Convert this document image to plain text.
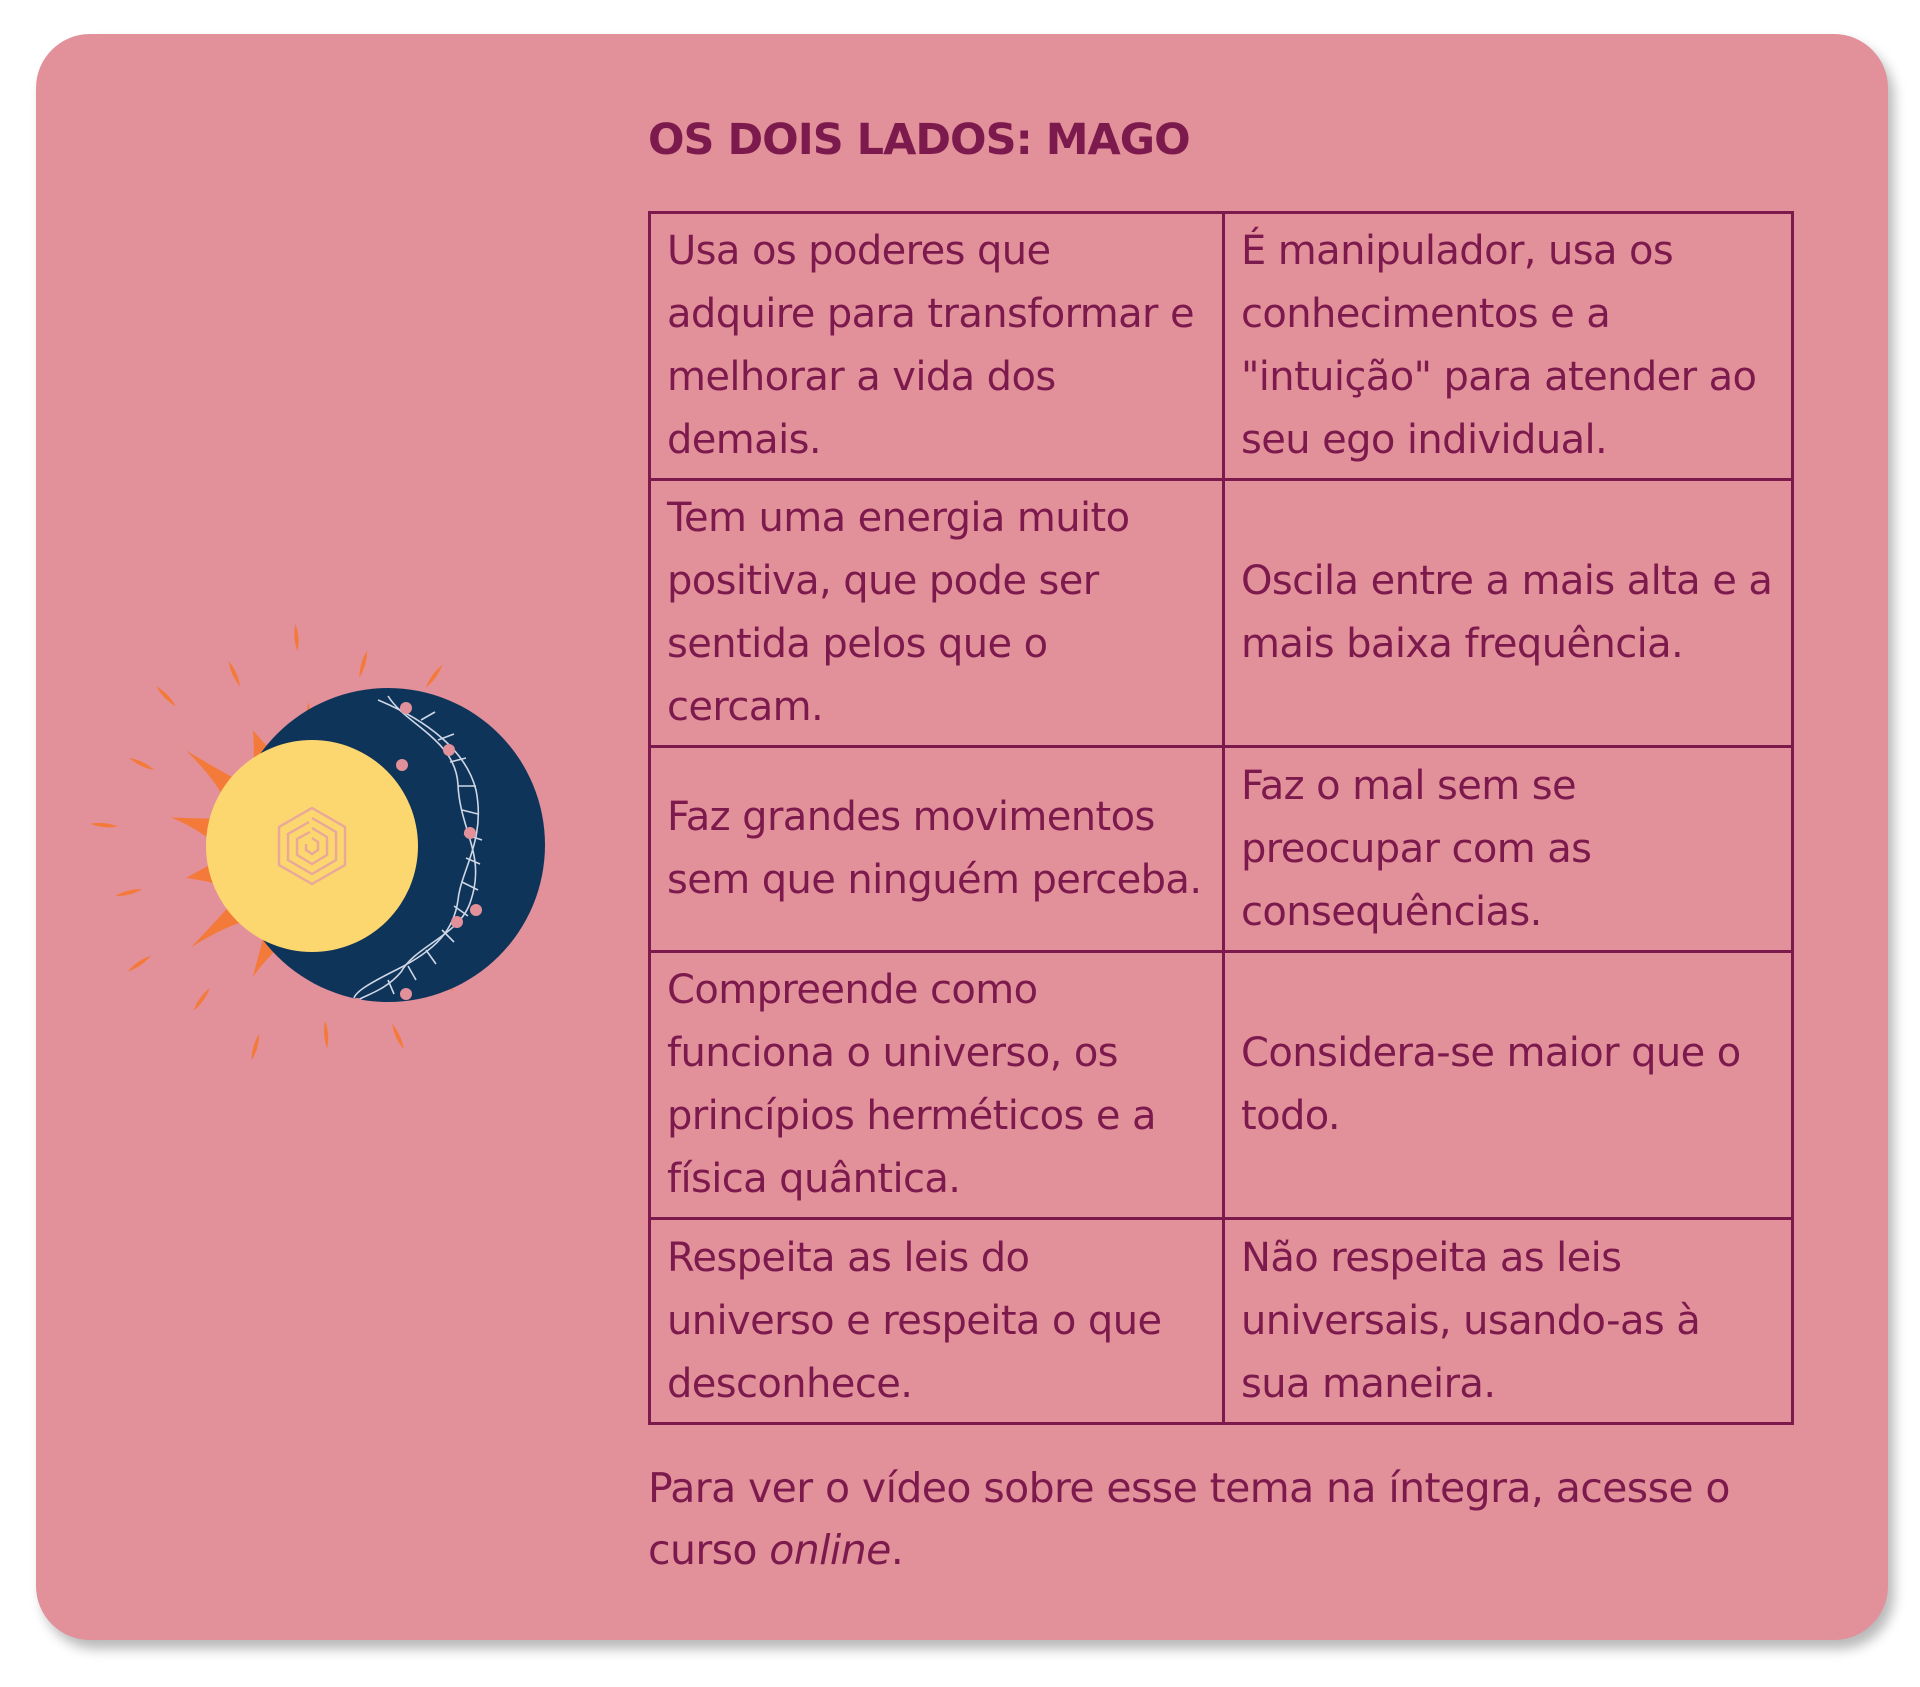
OS DOIS LADOS: MAGO
Usa os poderes que adquire para transformar e melhorar a vida dos demais.	É manipulador, usa os conhecimentos e a "intuição" para atender ao seu ego individual.
Tem uma energia muito positiva, que pode ser sentida pelos que o cercam.	Oscila entre a mais alta e a mais baixa frequência.
Faz grandes movimentos sem que ninguém perceba.	Faz o mal sem se preocupar com as consequências.
Compreende como funciona o universo, os princípios herméticos e a física quântica.	Considera-se maior que o todo.
Respeita as leis do universo e respeita o que desconhece.	Não respeita as leis universais, usando-as à sua maneira.

Para ver o vídeo sobre esse tema na íntegra, acesse o curso online.
